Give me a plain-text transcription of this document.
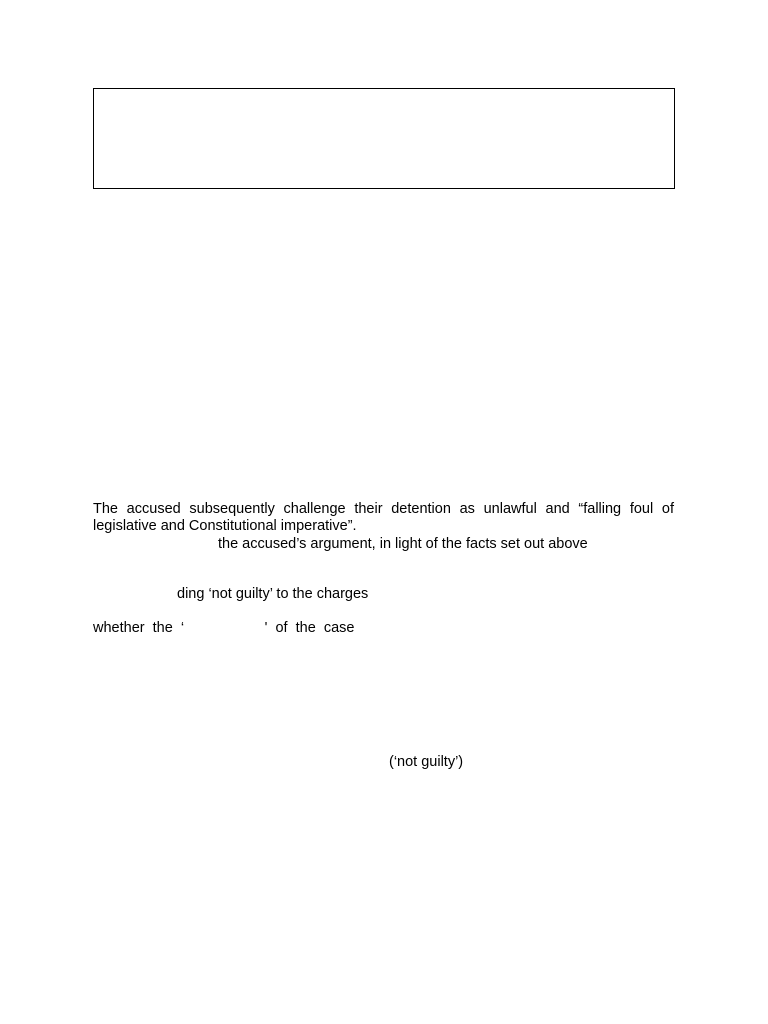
The accused subsequently challenge their detention as unlawful and “falling foul of
legislative and Constitutional imperative”.
the accused’s argument, in light of the facts set out above
ding ‘not guilty’ to the charges
whether  the  ‘                    '  of  the  case
(‘not guilty’)
